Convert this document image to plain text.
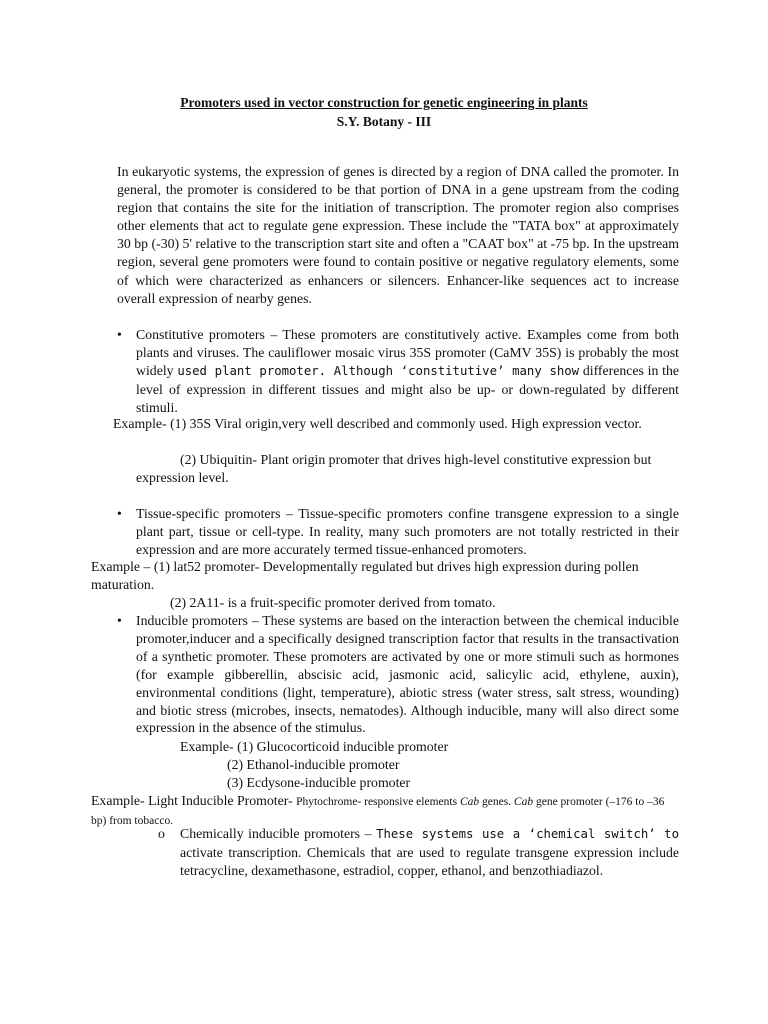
Promoters used in vector construction for genetic engineering in plants
S.Y. Botany - III

In eukaryotic systems, the expression of genes is directed by a region of DNA called the promoter. In general, the promoter is considered to be that portion of DNA in a gene upstream from the coding region that contains the site for the initiation of transcription. The promoter region also comprises other elements that act to regulate gene expression. These include the "TATA box" at approximately 30 bp (-30) 5' relative to the transcription start site and often a "CAAT box" at -75 bp. In the upstream region, several gene promoters were found to contain positive or negative regulatory elements, some of which were characterized as enhancers or silencers. Enhancer-like sequences act to increase overall expression of nearby genes.

• Constitutive promoters – These promoters are constitutively active. Examples come from both plants and viruses. The cauliflower mosaic virus 35S promoter (CaMV 35S) is probably the most widely used plant promoter. Although ‘constitutive’ many show differences in the level of expression in different tissues and might also be up- or down-regulated by different stimuli.

Example- (1) 35S Viral origin,very well described and commonly used. High expression vector.

(2) Ubiquitin- Plant origin promoter that drives high-level constitutive expression but expression level.

• Tissue-specific promoters – Tissue-specific promoters confine transgene expression to a single plant part, tissue or cell-type. In reality, many such promoters are not totally restricted in their expression and are more accurately termed tissue-enhanced promoters.

Example – (1) lat52 promoter- Developmentally regulated but drives high expression during pollen maturation.

(2) 2A11- is a fruit-specific promoter derived from tomato.
• Inducible promoters – These systems are based on the interaction between the chemical inducible promoter,inducer and a specifically designed transcription factor that results in the transactivation of a synthetic promoter. These promoters are activated by one or more stimuli such as hormones (for example gibberellin, abscisic acid, jasmonic acid, salicylic acid, ethylene, auxin), environmental conditions (light, temperature), abiotic stress (water stress, salt stress, wounding) and biotic stress (microbes, insects, nematodes). Although inducible, many will also direct some expression in the absence of the stimulus.

Example- (1) Glucocorticoid inducible promoter
(2) Ethanol-inducible promoter
(3) Ecdysone-inducible promoter

Example- Light Inducible Promoter- Phytochrome- responsive elements Cab genes. Cab gene promoter (–176 to –36 bp) from tobacco.

o Chemically inducible promoters – These systems use a ‘chemical switch’ to activate transcription. Chemicals that are used to regulate transgene expression include tetracycline, dexamethasone, estradiol, copper, ethanol, and benzothiadiazol.
